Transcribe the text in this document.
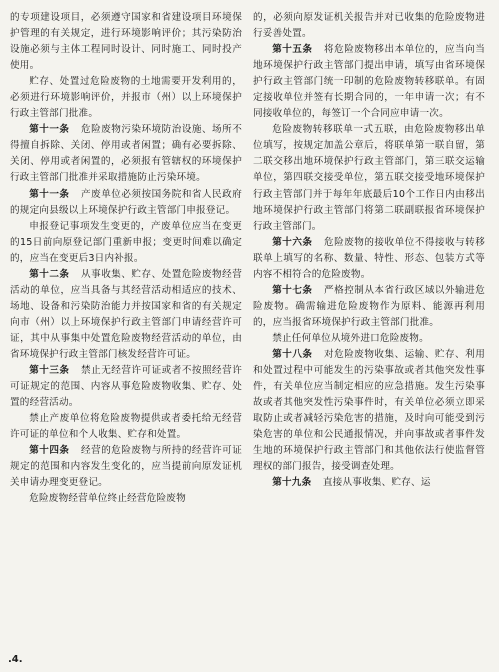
的专项建设项目，必须遵守国家和省建设项目环境保护管理的有关规定，进行环境影响评价；其污染防治设施必须与主体工程同时设计、同时施工、同时投产使用。

贮存、处置过危险废物的土地需要开发利用的，必须进行环境影响评价，并报市（州）以上环境保护行政主管部门批准。

第十一条 危险废物污染环境防治设施、场所不得擅自拆除、关闭、停用或者闲置；确有必要拆除、关闭、停用或者闲置的，必须报有管辖权的环境保护行政主管部门批准并采取措施防止污染环境。

第十一条 产废单位必须按国务院和省人民政府的规定向县级以上环境保护行政主管部门申报登记。

申报登记事项发生变更的，产废单位应当在变更的15日前向原登记部门重新申报；变更时间难以确定的，应当在变更后3日内补报。

第十二条 从事收集、贮存、处置危险废物经营活动的单位，应当具备与其经营活动相适应的技术、场地、设备和污染防治能力并按国家和省的有关规定向市（州）以上环境保护行政主管部门申请经营许可证，其中从事集中处置危险废物经营活动的单位，由省环境保护行政主管部门核发经营许可证。

第十三条 禁止无经营许可证或者不按照经营许可证规定的范围、内容从事危险废物收集、贮存、处置的经营活动。

禁止产废单位将危险废物提供或者委托给无经营许可证的单位和个人收集、贮存和处置。

第十四条 经营的危险废物与所持的经营许可证规定的范围和内容发生变化的，应当提前向原发证机关申请办理变更登记。

危险废物经营单位终止经营危险废物

的，必须向原发证机关报告并对已收集的危险废物进行妥善处置。

第十五条 将危险废物移出本单位的，应当向当地环境保护行政主管部门提出申请，填写由省环境保护行政主管部门统一印制的危险废物转移联单。有固定接收单位并签有长期合同的，一年申请一次；有不同接收单位的，每签订一个合同应申请一次。

危险废物转移联单一式五联，由危险废物移出单位填写，按规定加盖公章后，将联单第一联自留，第二联交移出地环境保护行政主管部门，第三联交运输单位，第四联交接受单位，第五联交接受地环境保护行政主管部门并于每年年底最后10个工作日内由移出地环境保护行政主管部门将第二联副联报省环境保护行政主管部门。

第十六条 危险废物的接收单位不得接收与转移联单上填写的名称、数量、特性、形态、包装方式等内容不相符合的危险废物。

第十七条 严格控制从本省行政区域以外输进危险废物。确需输进危险废物作为原料、能源再利用的，应当报省环境保护行政主管部门批准。

禁止任何单位从境外进口危险废物。

第十八条 对危险废物收集、运输、贮存、利用和处置过程中可能发生的污染事故或者其他突发性事件，有关单位应当制定相应的应急措施。发生污染事故或者其他突发性污染事件时，有关单位必须立即采取防止或者减轻污染危害的措施，及时向可能受到污染危害的单位和公民通报情况，并向事故或者事件发生地的环境保护行政主管部门和其他依法行使监督管理权的部门报告，接受调查处理。

第十九条 直接从事收集、贮存、运

.4.
